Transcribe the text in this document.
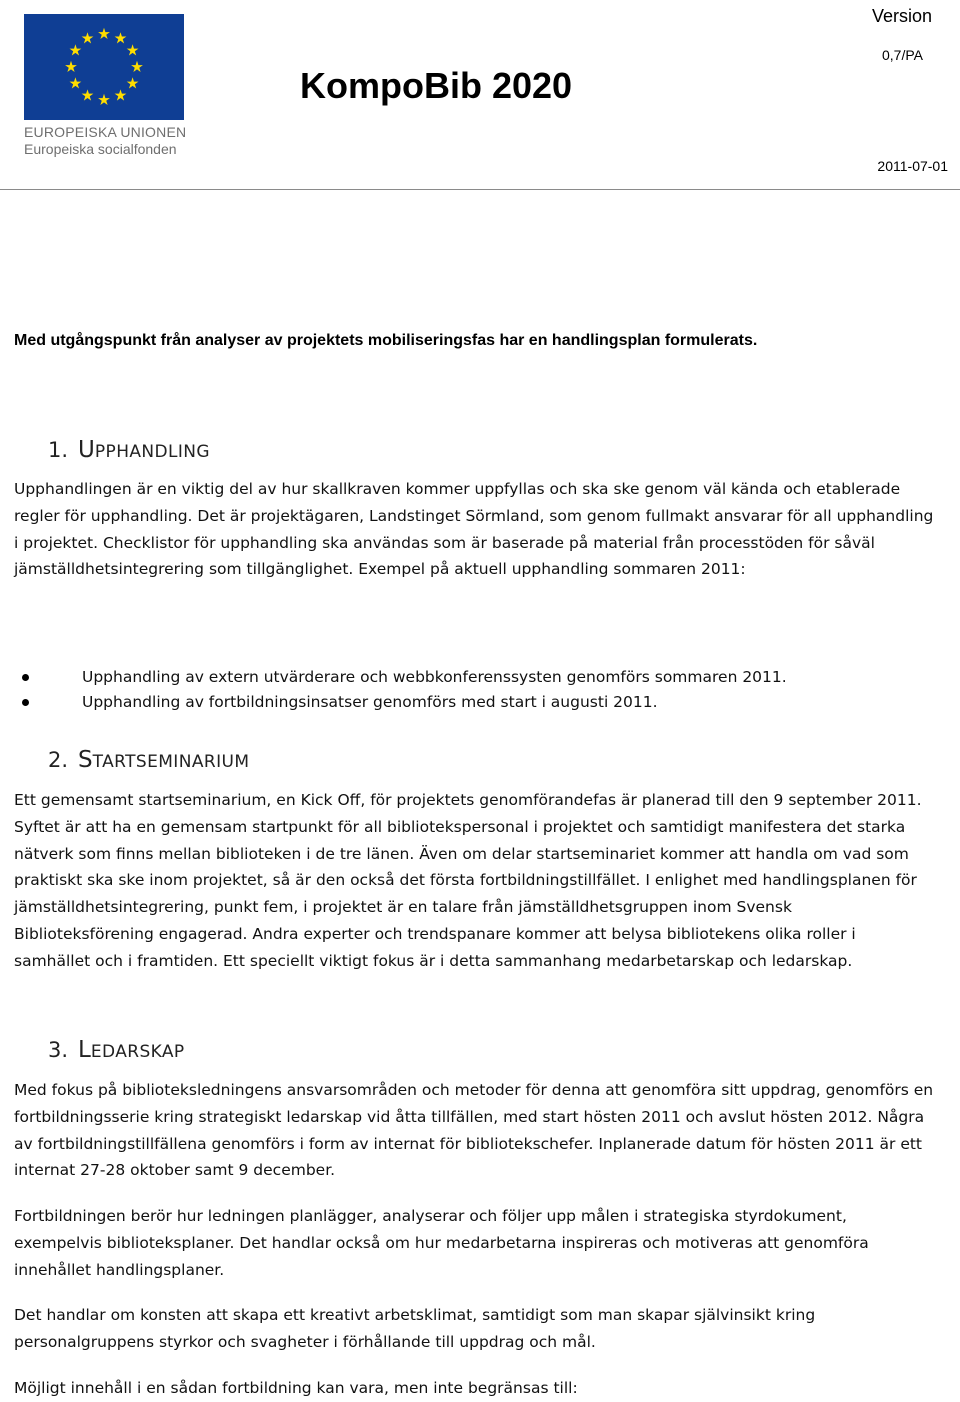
EUROPEISKA UNIONEN
Europeiska socialfonden
KompoBib 2020
Version
0,7/PA
2011-07-01
Med utgångspunkt från analyser av projektets mobiliseringsfas har en handlingsplan formulerats.
1. UPPHANDLING
Upphandlingen är en viktig del av hur skallkraven kommer uppfyllas och ska ske genom väl kända och etablerade regler för upphandling. Det är projektägaren, Landstinget Sörmland, som genom fullmakt ansvarar för all upphandling i projektet. Checklistor för upphandling ska användas som är baserade på material från processtöden för såväl jämställdhetsintegrering som tillgänglighet. Exempel på aktuell upphandling sommaren 2011:
Upphandling av extern utvärderare och webbkonferenssysten genomförs sommaren 2011.
Upphandling av fortbildningsinsatser genomförs med start i augusti 2011.
2. STARTSEMINARIUM
Ett gemensamt startseminarium, en Kick Off, för projektets genomförandefas är planerad till den 9 september 2011. Syftet är att ha en gemensam startpunkt för all bibliotekspersonal i projektet och samtidigt manifestera det starka nätverk som finns mellan biblioteken i de tre länen. Även om delar startseminariet kommer att handla om vad som praktiskt ska ske inom projektet, så är den också det första fortbildningstillfället. I enlighet med handlingsplanen för jämställdhetsintegrering, punkt fem, i projektet är en talare från jämställdhetsgruppen inom Svensk Biblioteksförening engagerad. Andra experter och trendspanare kommer att belysa bibliotekens olika roller i samhället och i framtiden. Ett speciellt viktigt fokus är i detta sammanhang medarbetarskap och ledarskap.
3. LEDARSKAP
Med fokus på biblioteksledningens ansvarsområden och metoder för denna att genomföra sitt uppdrag, genomförs en fortbildningsserie kring strategiskt ledarskap vid åtta tillfällen, med start hösten 2011 och avslut hösten 2012. Några av fortbildningstillfällena genomförs i form av internat för bibliotekschefer. Inplanerade datum för hösten 2011 är ett internat 27-28 oktober samt 9 december.
Fortbildningen berör hur ledningen planlägger, analyserar och följer upp målen i strategiska styrdokument, exempelvis biblioteksplaner. Det handlar också om hur medarbetarna inspireras och motiveras att genomföra innehållet handlingsplaner.
Det handlar om konsten att skapa ett kreativt arbetsklimat, samtidigt som man skapar självinsikt kring personalgruppens styrkor och svagheter i förhållande till uppdrag och mål.
Möjligt innehåll i en sådan fortbildning kan vara, men inte begränsas till:
